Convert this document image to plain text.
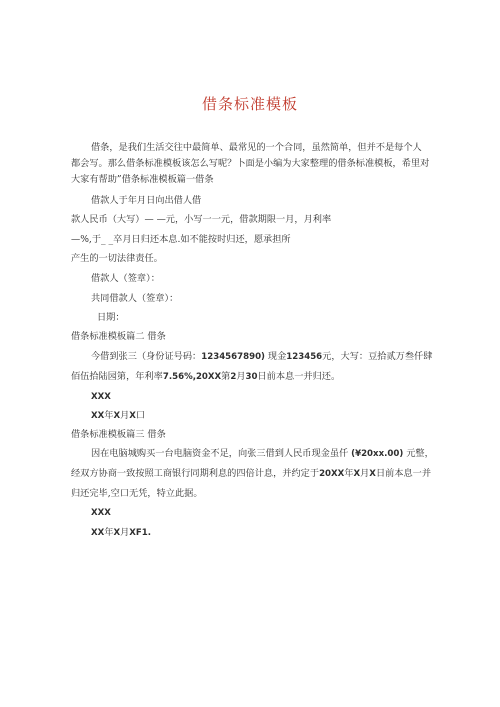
借条标准模板
借条，是我们生活交往中最简单、最常见的一个合同，虽然简单，但并不是每个人
都会写。那么借条标准模板该怎么写呢？卜面是小编为大家整理的借条标准模板，希里对
大家有帮助”借条标准模板篇一借条
借款人于年月日向出借人借
款人民币（大写）— —元，小写一一元，借款期限一月，月利率
—%,于_ _卒月日归还本息.如不能按时归还，愿承担所
产生的一切法律责任。
借款人（签章）：
共同借款人（签章）：
日期：
借条标准模板篇二 借条
今借到张三（身份证号码：1234567890) 现金123456元，大写：豆拾贰万叁仟肆
佰伍拾陆园第，年利率7.56%,20XX第2月30日前本息一并归还。
XXX
XX年X月X口
借条标准模板篇三 借条
因在电脑城购买一台电脑资金不足，向张三借到人民币现金虽仟 (¥20xx.00) 元整，
经双方协商一致按照工商银行同期利息的四倍计息，并约定于20XX年X月X日前本息一并
归还完毕,空口无凭，特立此据。
XXX
XX年X月XF1.
